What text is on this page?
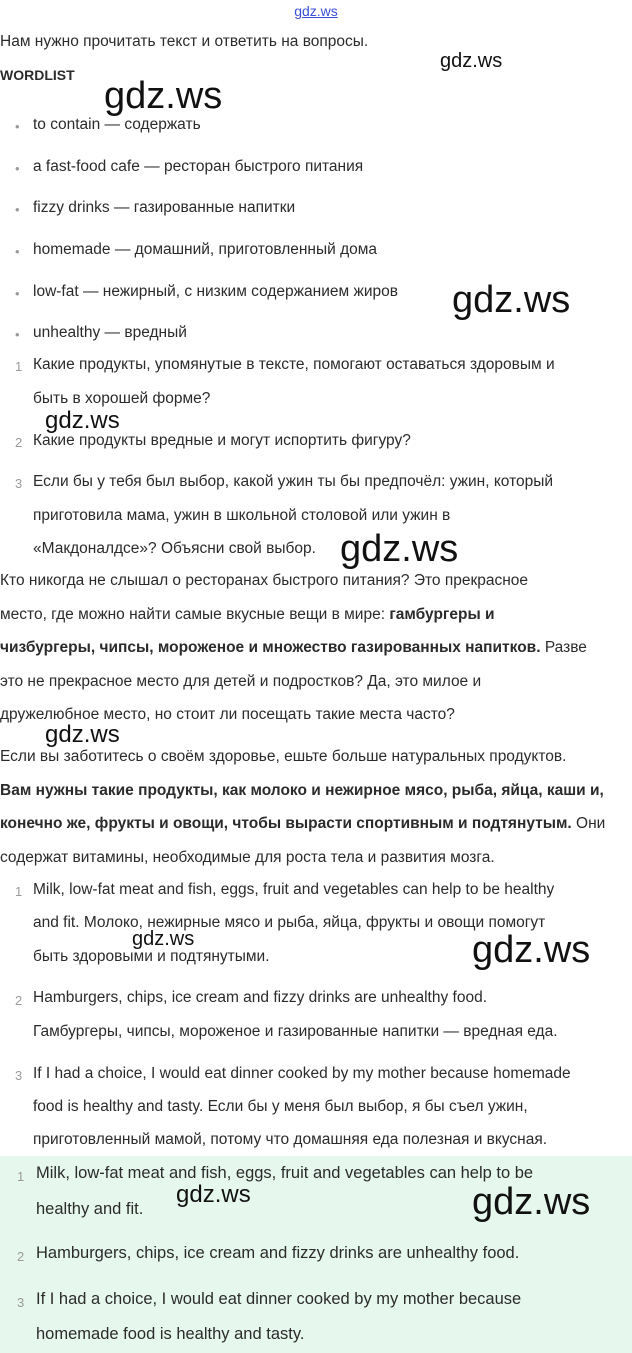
gdz.ws
Нам нужно прочитать текст и ответить на вопросы.
WORDLIST
• to contain — содержать
• a fast-food cafe — ресторан быстрого питания
• fizzy drinks — газированные напитки
• homemade — домашний, приготовленный дома
• low-fat — нежирный, с низким содержанием жиров
• unhealthy — вредный
1 Какие продукты, упомянутые в тексте, помогают оставаться здоровым и
быть в хорошей форме?
2 Какие продукты вредные и могут испортить фигуру?
3 Если бы у тебя был выбор, какой ужин ты бы предпочёл: ужин, который
приготовила мама, ужин в школьной столовой или ужин в
«Макдоналдсе»? Объясни свой выбор.
Кто никогда не слышал о ресторанах быстрого питания? Это прекрасное
место, где можно найти самые вкусные вещи в мире: гамбургеры и
чизбургеры, чипсы, мороженое и множество газированных напитков. Разве
это не прекрасное место для детей и подростков? Да, это милое и
дружелюбное место, но стоит ли посещать такие места часто?
Если вы заботитесь о своём здоровье, ешьте больше натуральных продуктов.
Вам нужны такие продукты, как молоко и нежирное мясо, рыба, яйца, каши и,
конечно же, фрукты и овощи, чтобы вырасти спортивным и подтянутым. Они
содержат витамины, необходимые для роста тела и развития мозга.
1 Milk, low-fat meat and fish, eggs, fruit and vegetables can help to be healthy
and fit. Молоко, нежирные мясо и рыба, яйца, фрукты и овощи помогут
быть здоровыми и подтянутыми.
2 Hamburgers, chips, ice cream and fizzy drinks are unhealthy food.
Гамбургеры, чипсы, мороженое и газированные напитки — вредная еда.
3 If I had a choice, I would eat dinner cooked by my mother because homemade
food is healthy and tasty. Если бы у меня был выбор, я бы съел ужин,
приготовленный мамой, потому что домашняя еда полезная и вкусная.
1 Milk, low-fat meat and fish, eggs, fruit and vegetables can help to be
healthy and fit.
2 Hamburgers, chips, ice cream and fizzy drinks are unhealthy food.
3 If I had a choice, I would eat dinner cooked by my mother because
homemade food is healthy and tasty.
gdz.ws
gdz.ws
gdz.ws
gdz.ws
gdz.ws
gdz.ws
gdz.ws	gdz.ws
gdz.ws	gdz.ws
